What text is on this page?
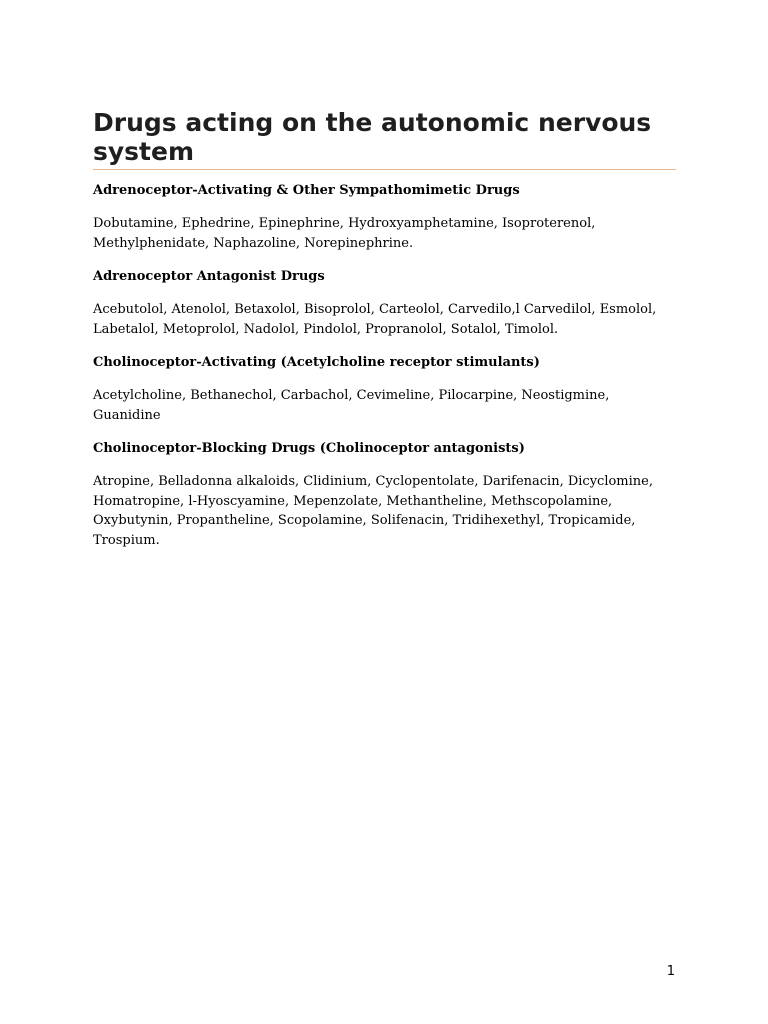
Drugs acting on the autonomic nervous system

Adrenoceptor-Activating & Other Sympathomimetic Drugs

Dobutamine, Ephedrine, Epinephrine, Hydroxyamphetamine, Isoproterenol, Methylphenidate, Naphazoline, Norepinephrine.

Adrenoceptor Antagonist Drugs

Acebutolol, Atenolol, Betaxolol, Bisoprolol, Carteolol, Carvedilo,l Carvedilol, Esmolol, Labetalol, Metoprolol, Nadolol, Pindolol, Propranolol, Sotalol, Timolol.

Cholinoceptor-Activating (Acetylcholine receptor stimulants)

Acetylcholine, Bethanechol, Carbachol, Cevimeline, Pilocarpine, Neostigmine, Guanidine

Cholinoceptor-Blocking Drugs (Cholinoceptor antagonists)

Atropine, Belladonna alkaloids, Clidinium, Cyclopentolate, Darifenacin, Dicyclomine, Homatropine, l-Hyoscyamine, Mepenzolate, Methantheline, Methscopolamine, Oxybutynin, Propantheline, Scopolamine, Solifenacin, Tridihexethyl, Tropicamide, Trospium.

1
